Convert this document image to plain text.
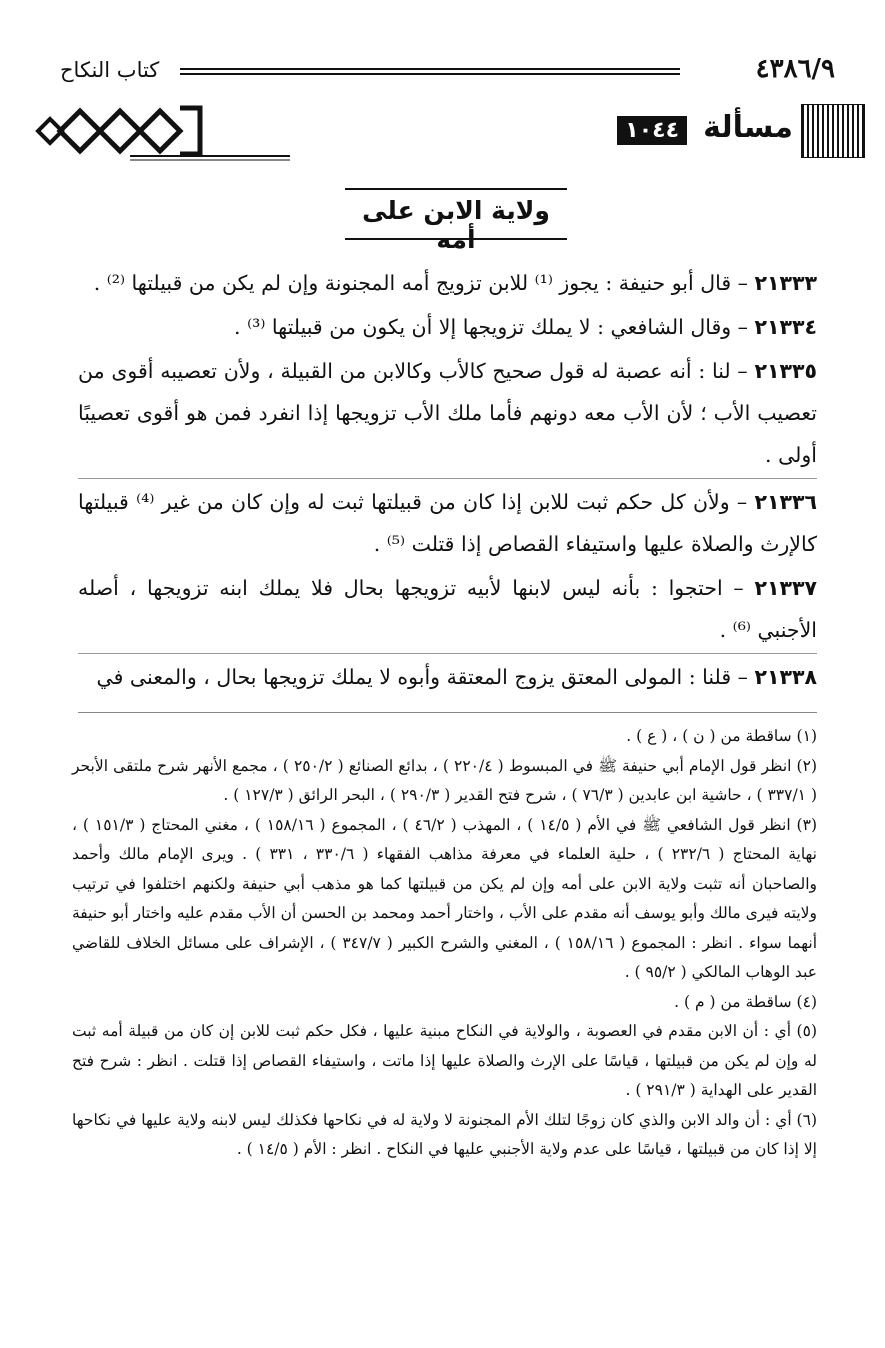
٤٣٨٦/٩
كتاب النكاح
مسألة
١٠٤٤
ولاية الابن على أمه

٢١٣٣٣ – قال أبو حنيفة : يجوز ⁽¹⁾ للابن تزويج أمه المجنونة وإن لم يكن من قبيلتها ⁽²⁾ .

٢١٣٣٤ – وقال الشافعي : لا يملك تزويجها إلا أن يكون من قبيلتها ⁽³⁾ .

٢١٣٣٥ – لنا : أنه عصبة له قول صحيح كالأب وكالابن من القبيلة ، ولأن تعصيبه أقوى من تعصيب الأب ؛ لأن الأب معه دونهم فأما ملك الأب تزويجها إذا انفرد فمن هو أقوى تعصيبًا أولى .

٢١٣٣٦ – ولأن كل حكم ثبت للابن إذا كان من قبيلتها ثبت له وإن كان من غير ⁽⁴⁾ قبيلتها كالإرث والصلاة عليها واستيفاء القصاص إذا قتلت ⁽⁵⁾ .

٢١٣٣٧ – احتجوا : بأنه ليس لابنها لأبيه تزويجها بحال فلا يملك ابنه تزويجها ، أصله الأجنبي ⁽⁶⁾ .

٢١٣٣٨ – قلنا : المولى المعتق يزوج المعتقة وأبوه لا يملك تزويجها بحال ، والمعنى في

(١) ساقطة من ( ن ) ، ( ع ) .

(٢) انظر قول الإمام أبي حنيفة ﷺ في المبسوط ( ٢٢٠/٤ ) ، بدائع الصنائع ( ٢٥٠/٢ ) ، مجمع الأنهر شرح ملتقى الأبحر ( ٣٣٧/١ ) ، حاشية ابن عابدين ( ٧٦/٣ ) ، شرح فتح القدير ( ٢٩٠/٣ ) ، البحر الرائق ( ١٢٧/٣ ) .

(٣) انظر قول الشافعي ﷺ في الأم ( ١٤/٥ ) ، المهذب ( ٤٦/٢ ) ، المجموع ( ١٥٨/١٦ ) ، مغني المحتاج ( ١٥١/٣ ) ، نهاية المحتاج ( ٢٣٢/٦ ) ، حلية العلماء في معرفة مذاهب الفقهاء ( ٣٣٠/٦ ، ٣٣١ ) . ويرى الإمام مالك وأحمد والصاحبان أنه تثبت ولاية الابن على أمه وإن لم يكن من قبيلتها كما هو مذهب أبي حنيفة ولكنهم اختلفوا في ترتيب ولايته فيرى مالك وأبو يوسف أنه مقدم على الأب ، واختار أحمد ومحمد بن الحسن أن الأب مقدم عليه واختار أبو حنيفة أنهما سواء . انظر : المجموع ( ١٥٨/١٦ ) ، المغني والشرح الكبير ( ٣٤٧/٧ ) ، الإشراف على مسائل الخلاف للقاضي عبد الوهاب المالكي ( ٩٥/٢ ) .

(٤) ساقطة من ( م ) .

(٥) أي : أن الابن مقدم في العصوبة ، والولاية في النكاح مبنية عليها ، فكل حكم ثبت للابن إن كان من قبيلة أمه ثبت له وإن لم يكن من قبيلتها ، قياسًا على الإرث والصلاة عليها إذا ماتت ، واستيفاء القصاص إذا قتلت . انظر : شرح فتح القدير على الهداية ( ٢٩١/٣ ) .

(٦) أي : أن والد الابن والذي كان زوجًا لتلك الأم المجنونة لا ولاية له في نكاحها فكذلك ليس لابنه ولاية عليها في نكاحها إلا إذا كان من قبيلتها ، قياسًا على عدم ولاية الأجنبي عليها في النكاح . انظر : الأم ( ١٤/٥ ) .
